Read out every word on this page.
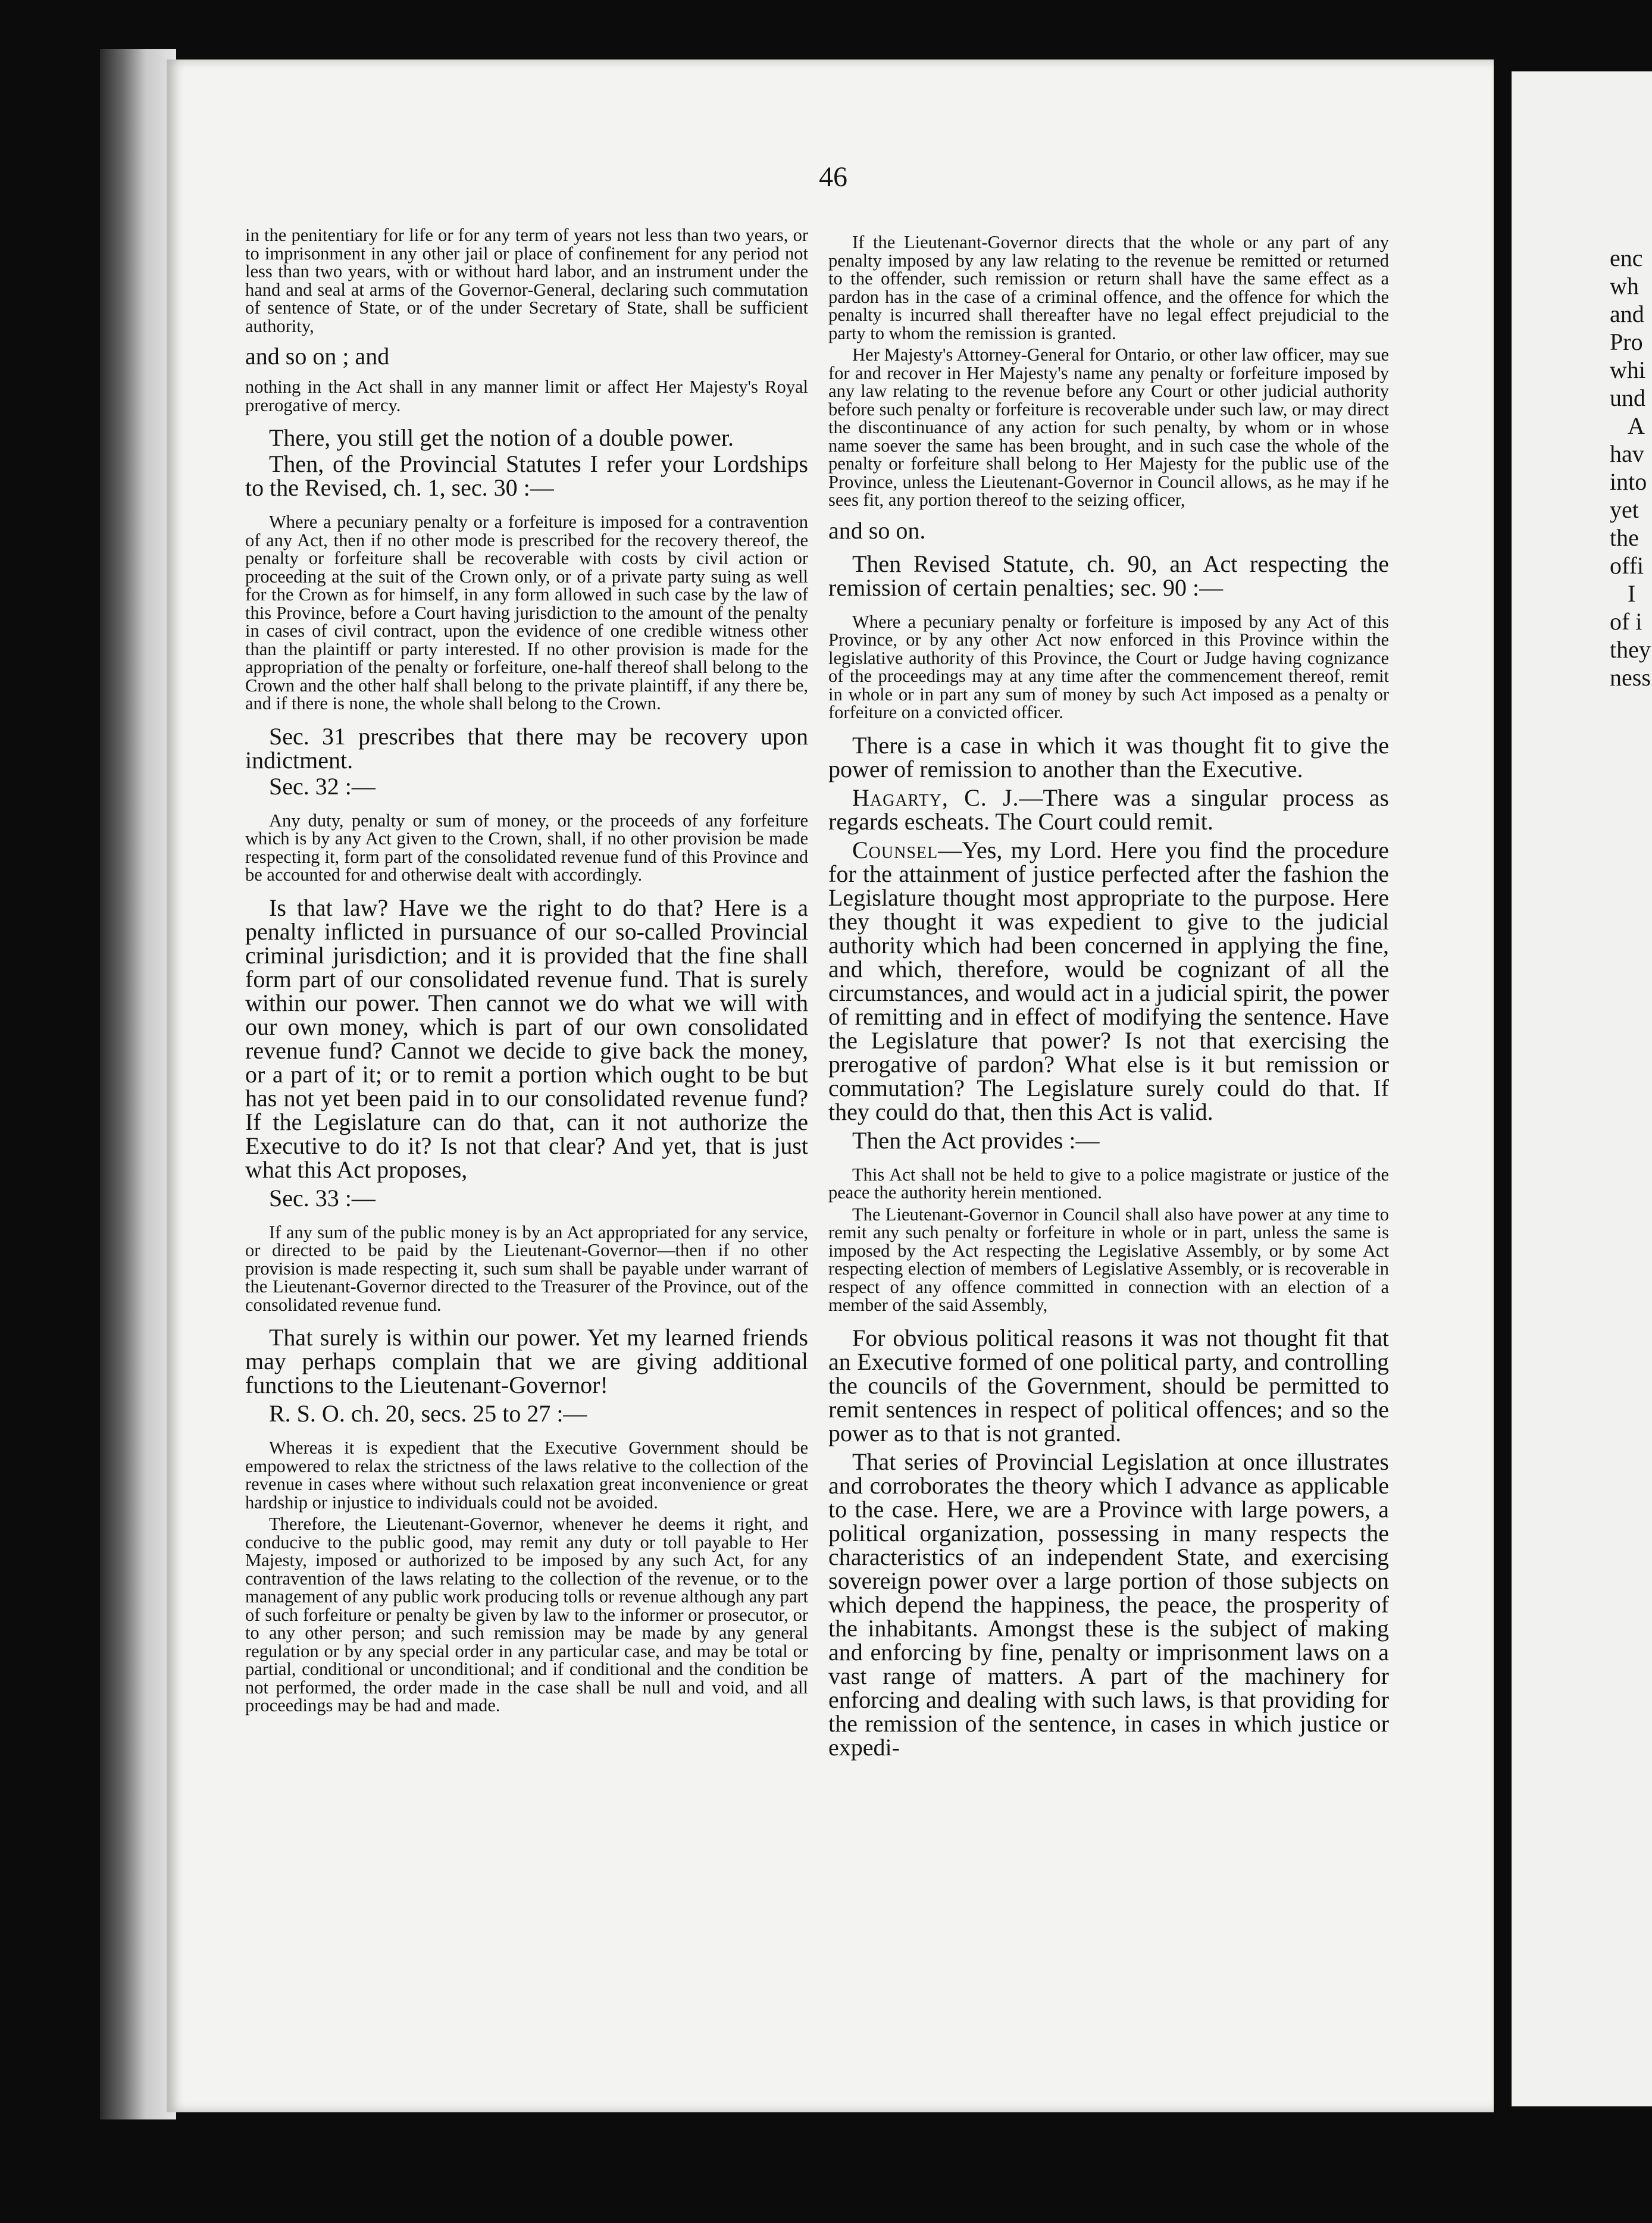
46

in the penitentiary for life or for any term of years not less than two years, or to imprisonment in any other jail or place of confinement for any period not less than two years, with or without hard labor, and an instrument under the hand and seal at arms of the Governor-General, declaring such commutation of sentence of State, or of the under Secretary of State, shall be sufficient authority,

and so on ; and

nothing in the Act shall in any manner limit or affect Her Majesty's Royal prerogative of mercy.

There, you still get the notion of a double power.

Then, of the Provincial Statutes I refer your Lordships to the Revised, ch. 1, sec. 30 :—

Where a pecuniary penalty or a forfeiture is imposed for a contravention of any Act, then if no other mode is prescribed for the recovery thereof, the penalty or forfeiture shall be recoverable with costs by civil action or proceeding at the suit of the Crown only, or of a private party suing as well for the Crown as for himself, in any form allowed in such case by the law of this Province, before a Court having jurisdiction to the amount of the penalty in cases of civil contract, upon the evidence of one credible witness other than the plaintiff or party interested. If no other provision is made for the appropriation of the penalty or forfeiture, one-half thereof shall belong to the Crown and the other half shall belong to the private plaintiff, if any there be, and if there is none, the whole shall belong to the Crown.

Sec. 31 prescribes that there may be recovery upon indictment.

Sec. 32 :—

Any duty, penalty or sum of money, or the proceeds of any forfeiture which is by any Act given to the Crown, shall, if no other provision be made respecting it, form part of the consolidated revenue fund of this Province and be accounted for and otherwise dealt with accordingly.

Is that law? Have we the right to do that? Here is a penalty inflicted in pursuance of our so-called Provincial criminal jurisdiction; and it is provided that the fine shall form part of our consolidated revenue fund. That is surely within our power. Then cannot we do what we will with our own money, which is part of our own consolidated revenue fund? Cannot we decide to give back the money, or a part of it; or to remit a portion which ought to be but has not yet been paid in to our consolidated revenue fund? If the Legislature can do that, can it not authorize the Executive to do it? Is not that clear? And yet, that is just what this Act proposes,

Sec. 33 :—

If any sum of the public money is by an Act appropriated for any service, or directed to be paid by the Lieutenant-Governor—then if no other provision is made respecting it, such sum shall be payable under warrant of the Lieutenant-Governor directed to the Treasurer of the Province, out of the consolidated revenue fund.

That surely is within our power. Yet my learned friends may perhaps complain that we are giving additional functions to the Lieutenant-Governor!

R. S. O. ch. 20, secs. 25 to 27 :—

Whereas it is expedient that the Executive Government should be empowered to relax the strictness of the laws relative to the collection of the revenue in cases where without such relaxation great inconvenience or great hardship or injustice to individuals could not be avoided.

Therefore, the Lieutenant-Governor, whenever he deems it right, and conducive to the public good, may remit any duty or toll payable to Her Majesty, imposed or authorized to be imposed by any such Act, for any contravention of the laws relating to the collection of the revenue, or to the management of any public work producing tolls or revenue although any part of such forfeiture or penalty be given by law to the informer or prosecutor, or to any other person; and such remission may be made by any general regulation or by any special order in any particular case, and may be total or partial, conditional or unconditional; and if conditional and the condition be not performed, the order made in the case shall be null and void, and all proceedings may be had and made.

If the Lieutenant-Governor directs that the whole or any part of any penalty imposed by any law relating to the revenue be remitted or returned to the offender, such remission or return shall have the same effect as a pardon has in the case of a criminal offence, and the offence for which the penalty is incurred shall thereafter have no legal effect prejudicial to the party to whom the remission is granted.

Her Majesty's Attorney-General for Ontario, or other law officer, may sue for and recover in Her Majesty's name any penalty or forfeiture imposed by any law relating to the revenue before any Court or other judicial authority before such penalty or forfeiture is recoverable under such law, or may direct the discontinuance of any action for such penalty, by whom or in whose name soever the same has been brought, and in such case the whole of the penalty or forfeiture shall belong to Her Majesty for the public use of the Province, unless the Lieutenant-Governor in Council allows, as he may if he sees fit, any portion thereof to the seizing officer,

and so on.

Then Revised Statute, ch. 90, an Act respecting the remission of certain penalties; sec. 90 :—

Where a pecuniary penalty or forfeiture is imposed by any Act of this Province, or by any other Act now enforced in this Province within the legislative authority of this Province, the Court or Judge having cognizance of the proceedings may at any time after the commencement thereof, remit in whole or in part any sum of money by such Act imposed as a penalty or forfeiture on a convicted officer.

There is a case in which it was thought fit to give the power of remission to another than the Executive.

Hagarty, C. J.—There was a singular process as regards escheats. The Court could remit.

Counsel—Yes, my Lord. Here you find the procedure for the attainment of justice perfected after the fashion the Legislature thought most appropriate to the purpose. Here they thought it was expedient to give to the judicial authority which had been concerned in applying the fine, and which, therefore, would be cognizant of all the circumstances, and would act in a judicial spirit, the power of remitting and in effect of modifying the sentence. Have the Legislature that power? Is not that exercising the prerogative of pardon? What else is it but remission or commutation? The Legislature surely could do that. If they could do that, then this Act is valid.

Then the Act provides :—

This Act shall not be held to give to a police magistrate or justice of the peace the authority herein mentioned.

The Lieutenant-Governor in Council shall also have power at any time to remit any such penalty or forfeiture in whole or in part, unless the same is imposed by the Act respecting the Legislative Assembly, or by some Act respecting election of members of Legislative Assembly, or is recoverable in respect of any offence committed in connection with an election of a member of the said Assembly,

For obvious political reasons it was not thought fit that an Executive formed of one political party, and controlling the councils of the Government, should be permitted to remit sentences in respect of political offences; and so the power as to that is not granted.

That series of Provincial Legislation at once illustrates and corroborates the theory which I advance as applicable to the case. Here, we are a Province with large powers, a political organization, possessing in many respects the characteristics of an independent State, and exercising sovereign power over a large portion of those subjects on which depend the happiness, the peace, the prosperity of the inhabitants. Amongst these is the subject of making and enforcing by fine, penalty or imprisonment laws on a vast range of matters. A part of the machinery for enforcing and dealing with such laws, is that providing for the remission of the sentence, in cases in which justice or expedi-

enc
wh
and
Pro
whi
und
A
hav
into
yet
the
offi
I
of i
they
ness
